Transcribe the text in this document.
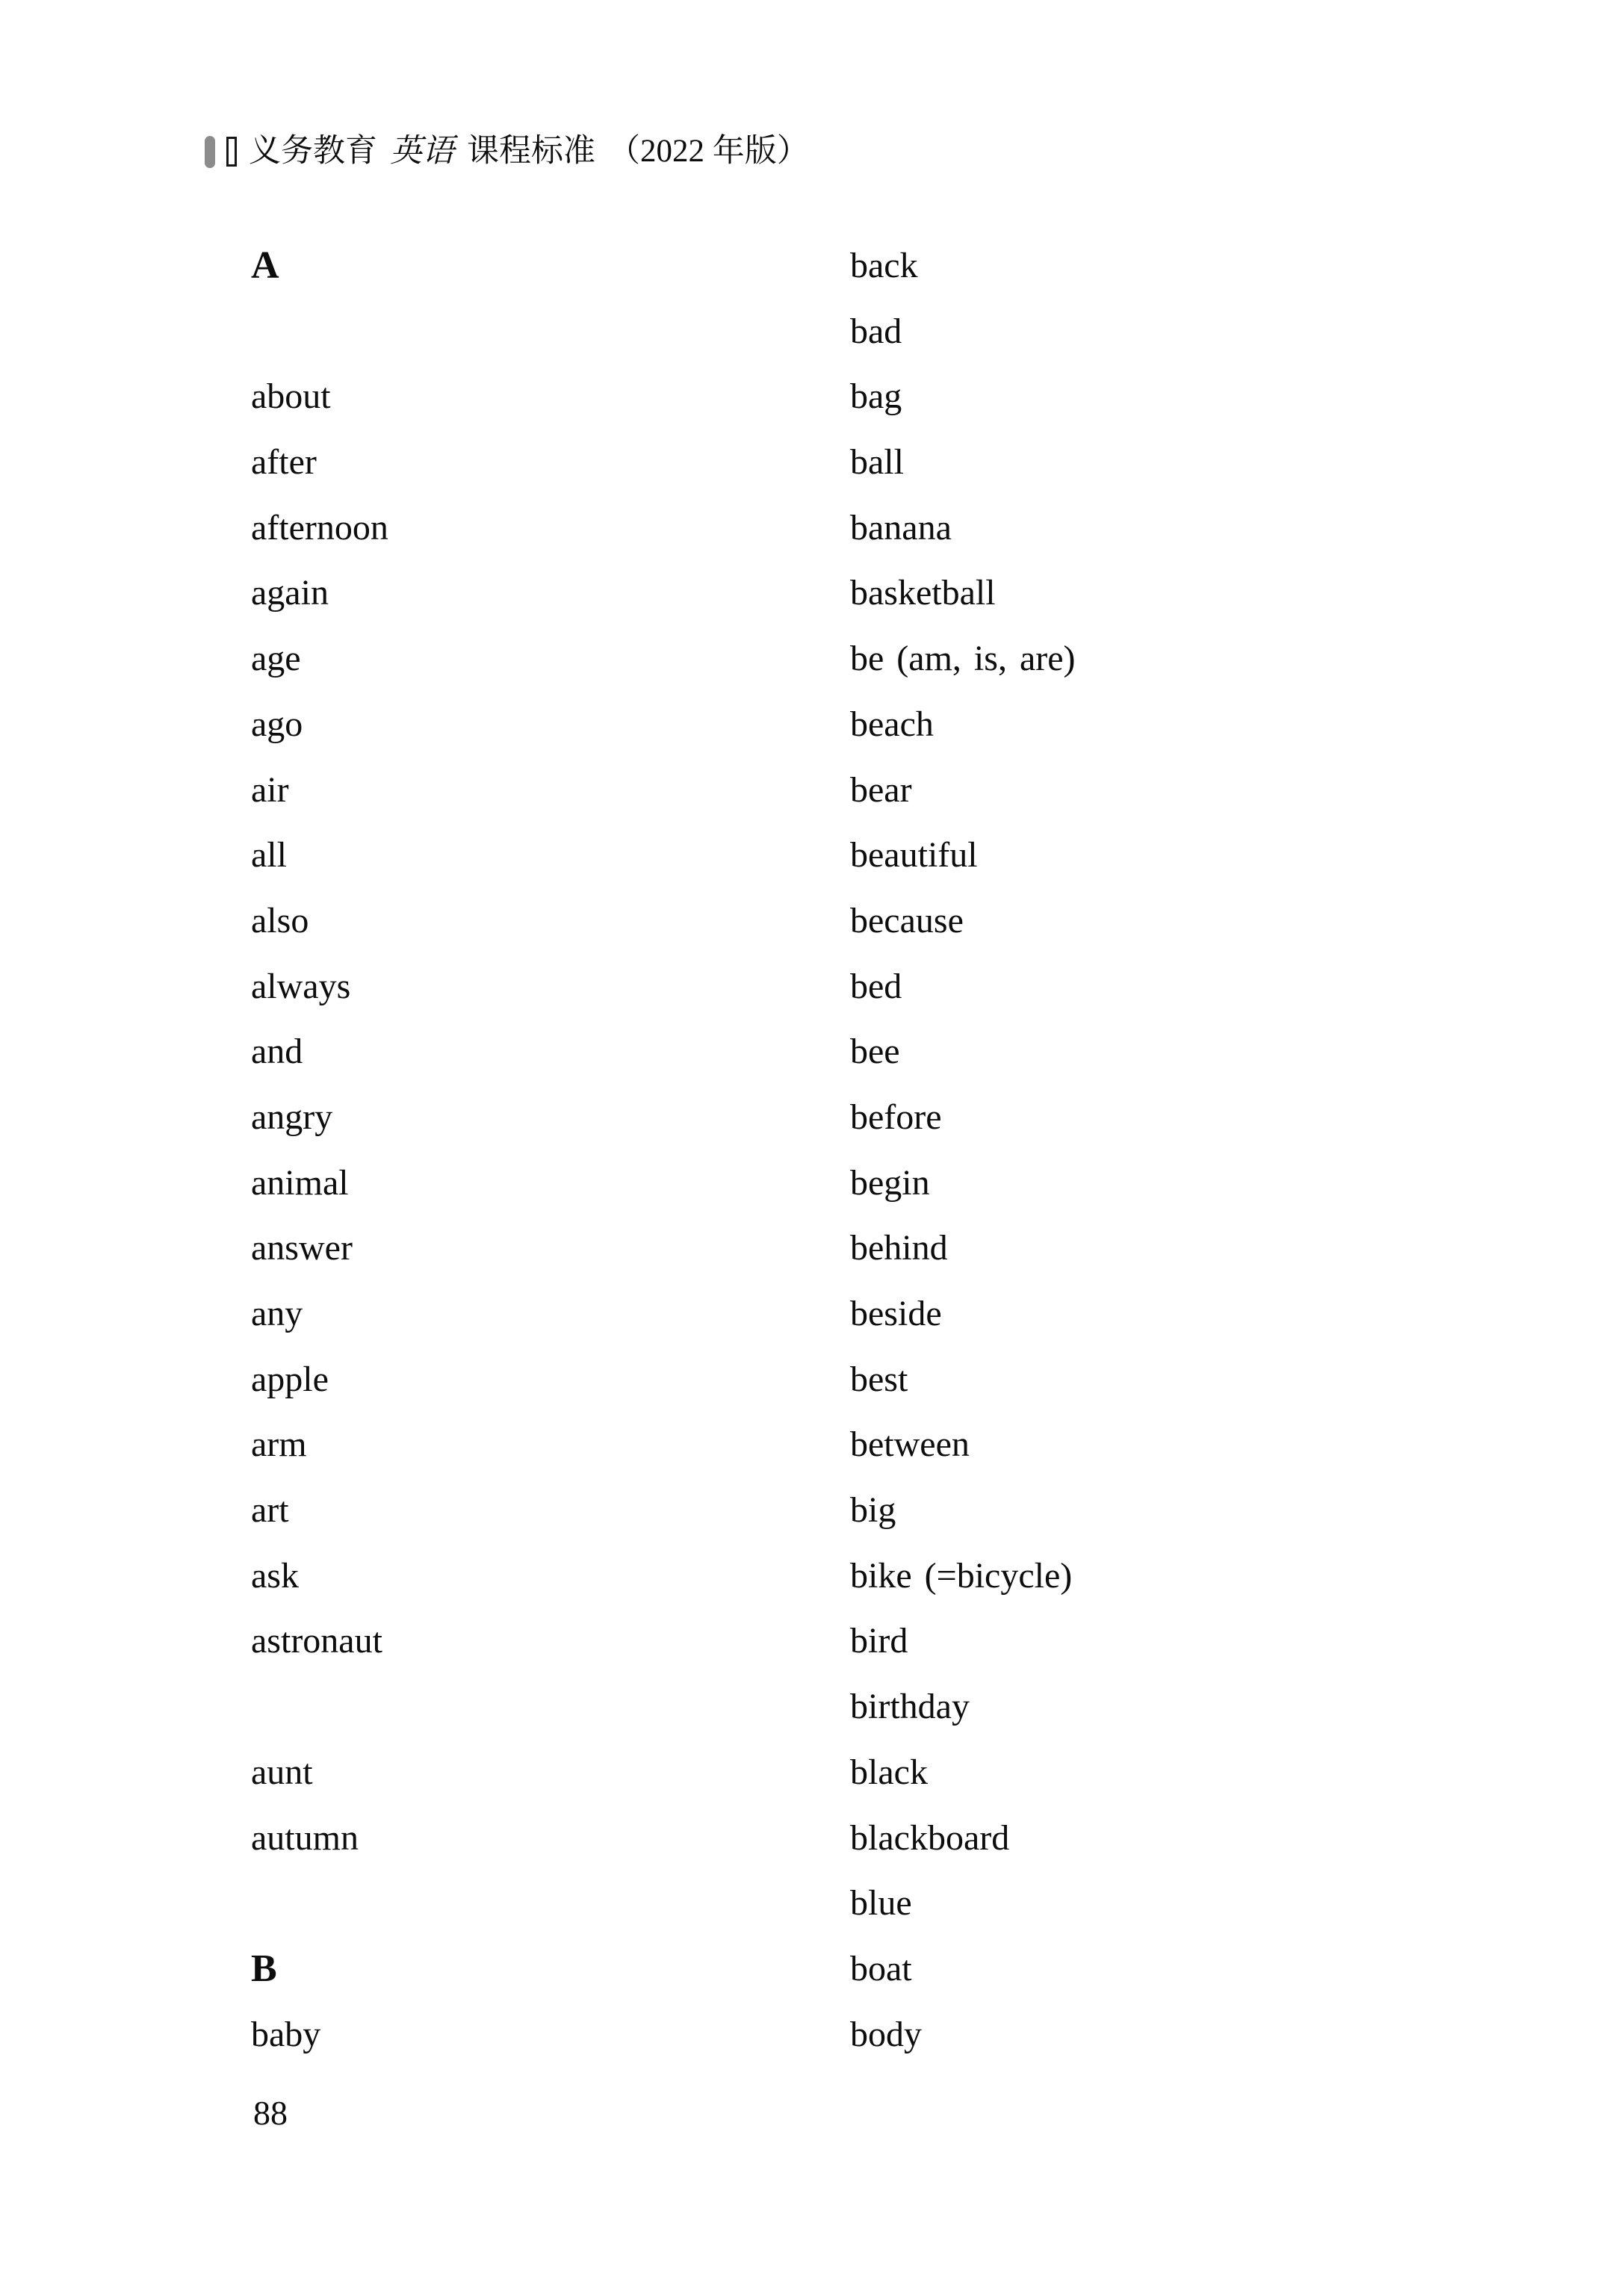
义务教育 英语 课程标准 （2022 年版）
A
about
after
afternoon
again
age
ago
air
all
also
always
and
angry
animal
answer
any
apple
arm
art
ask
astronaut
aunt
autumn
B
baby
back
bad
bag
ball
banana
basketball
be (am, is, are)
beach
bear
beautiful
because
bed
bee
before
begin
behind
beside
best
between
big
bike (=bicycle)
bird
birthday
black
blackboard
blue
boat
body
88
